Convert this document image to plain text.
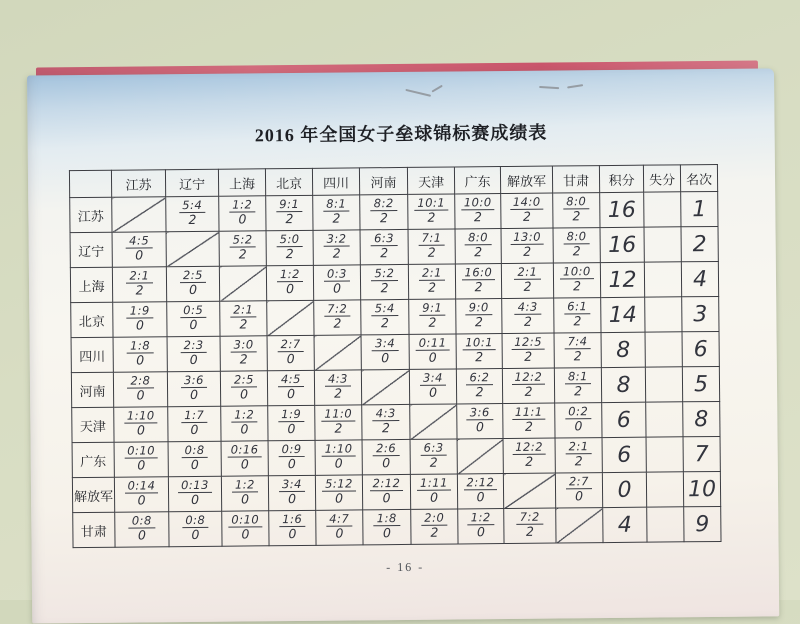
2016 年全国女子垒球锦标赛成绩表
	江苏	辽宁	上海	北京	四川	河南	天津	广东	解放军	甘肃	积分	失分	名次
江苏		$\frac{5:4}{2}$	$\frac{1:2}{0}$	$\frac{9:1}{2}$	$\frac{8:1}{2}$	$\frac{8:2}{2}$	$\frac{10:1}{2}$	$\frac{10:0}{2}$	$\frac{14:0}{2}$	$\frac{8:0}{2}$	16		1
辽宁	$\frac{4:5}{0}$		$\frac{5:2}{2}$	$\frac{5:0}{2}$	$\frac{3:2}{2}$	$\frac{6:3}{2}$	$\frac{7:1}{2}$	$\frac{8:0}{2}$	$\frac{13:0}{2}$	$\frac{8:0}{2}$	16		2
上海	$\frac{2:1}{2}$	$\frac{2:5}{0}$		$\frac{1:2}{0}$	$\frac{0:3}{0}$	$\frac{5:2}{2}$	$\frac{2:1}{2}$	$\frac{16:0}{2}$	$\frac{2:1}{2}$	$\frac{10:0}{2}$	12		4
北京	$\frac{1:9}{0}$	$\frac{0:5}{0}$	$\frac{2:1}{2}$		$\frac{7:2}{2}$	$\frac{5:4}{2}$	$\frac{9:1}{2}$	$\frac{9:0}{2}$	$\frac{4:3}{2}$	$\frac{6:1}{2}$	14		3
四川	$\frac{1:8}{0}$	$\frac{2:3}{0}$	$\frac{3:0}{2}$	$\frac{2:7}{0}$		$\frac{3:4}{0}$	$\frac{0:11}{0}$	$\frac{10:1}{2}$	$\frac{12:5}{2}$	$\frac{7:4}{2}$	8		6
河南	$\frac{2:8}{0}$	$\frac{3:6}{0}$	$\frac{2:5}{0}$	$\frac{4:5}{0}$	$\frac{4:3}{2}$		$\frac{3:4}{0}$	$\frac{6:2}{2}$	$\frac{12:2}{2}$	$\frac{8:1}{2}$	8		5
天津	$\frac{1:10}{0}$	$\frac{1:7}{0}$	$\frac{1:2}{0}$	$\frac{1:9}{0}$	$\frac{11:0}{2}$	$\frac{4:3}{2}$		$\frac{3:6}{0}$	$\frac{11:1}{2}$	$\frac{0:2}{0}$	6		8
广东	$\frac{0:10}{0}$	$\frac{0:8}{0}$	$\frac{0:16}{0}$	$\frac{0:9}{0}$	$\frac{1:10}{0}$	$\frac{2:6}{0}$	$\frac{6:3}{2}$		$\frac{12:2}{2}$	$\frac{2:1}{2}$	6		7
解放军	$\frac{0:14}{0}$	$\frac{0:13}{0}$	$\frac{1:2}{0}$	$\frac{3:4}{0}$	$\frac{5:12}{0}$	$\frac{2:12}{0}$	$\frac{1:11}{0}$	$\frac{2:12}{0}$		$\frac{2:7}{0}$	0		10
甘肃	$\frac{0:8}{0}$	$\frac{0:8}{0}$	$\frac{0:10}{0}$	$\frac{1:6}{0}$	$\frac{4:7}{0}$	$\frac{1:8}{0}$	$\frac{2:0}{2}$	$\frac{1:2}{0}$	$\frac{7:2}{2}$		4		9
- 16 -
